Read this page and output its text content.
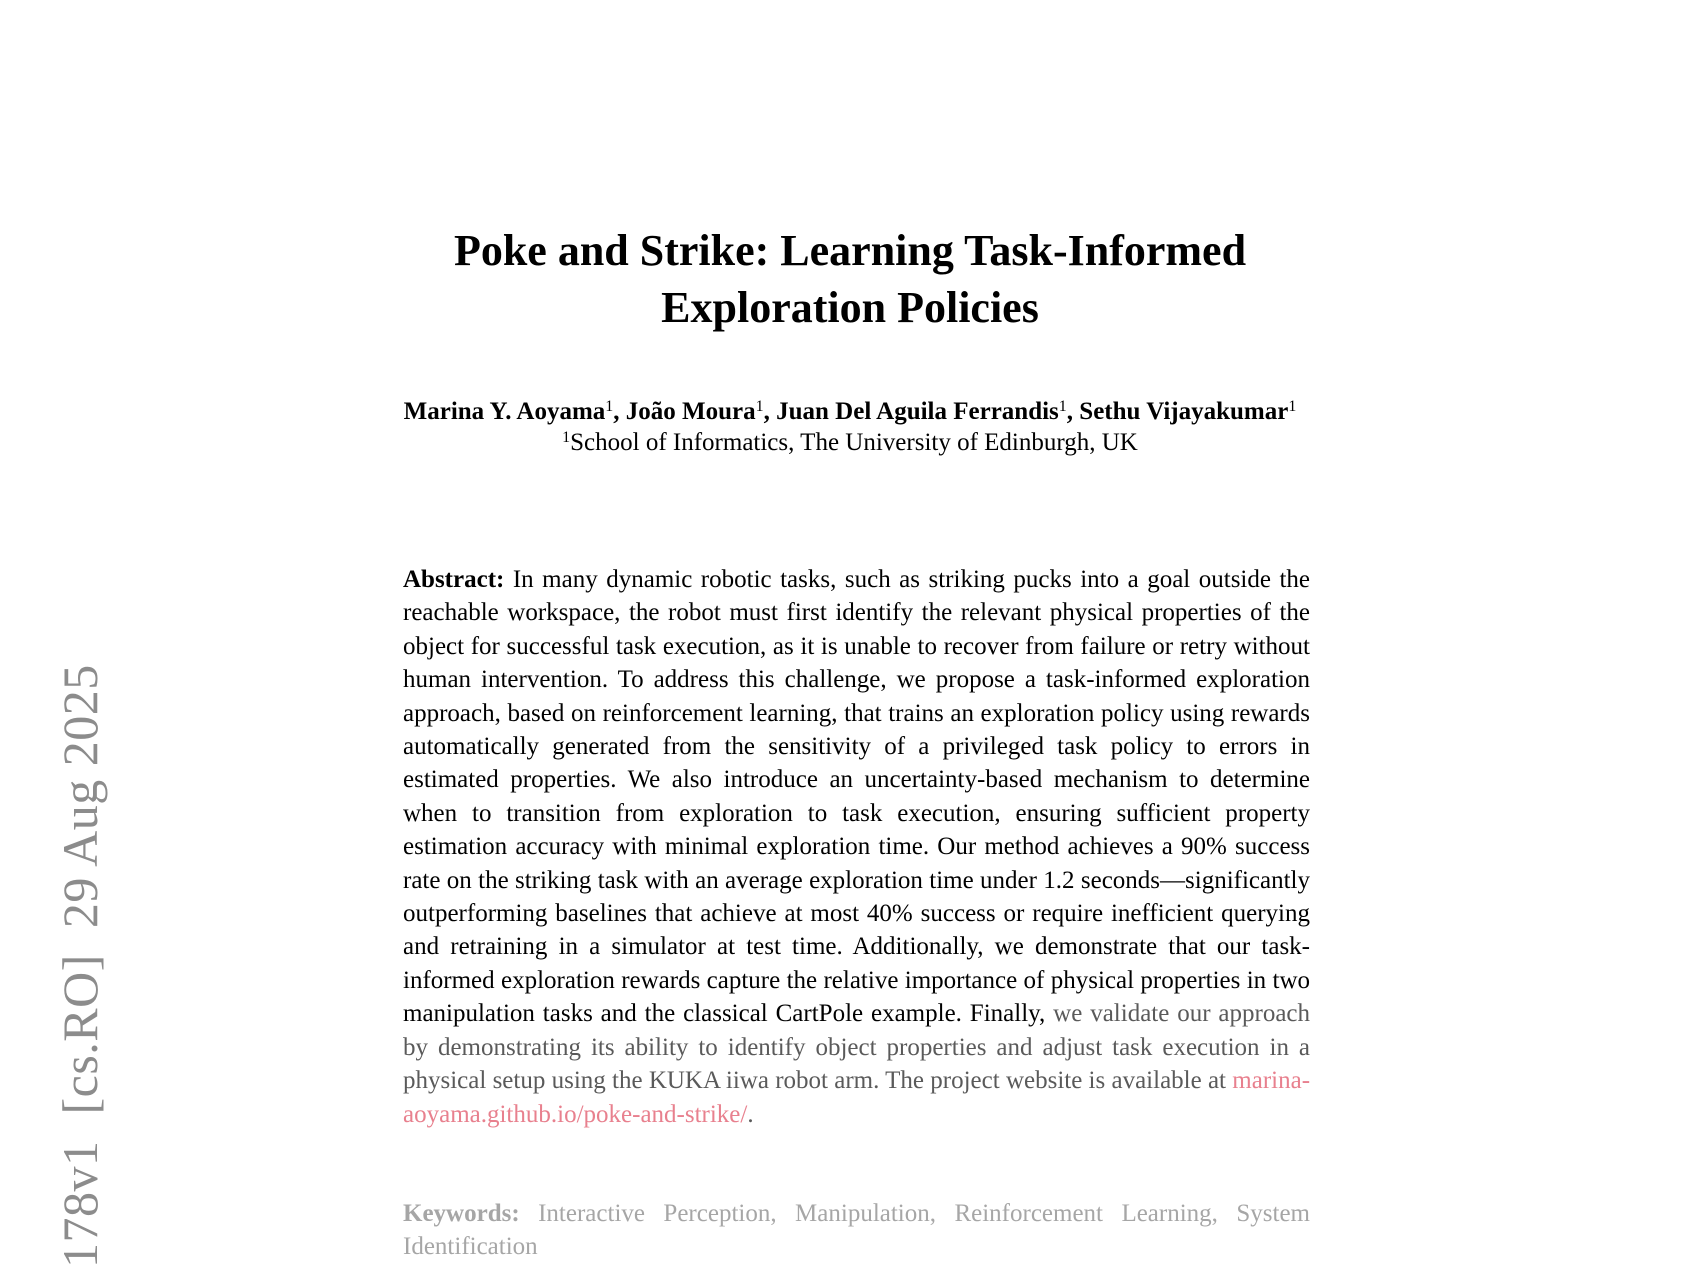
178v1[cs.RO]29 Aug 2025
Poke and Strike: Learning Task-Informed
Exploration Policies
Marina Y. Aoyama$^1$, João Moura$^1$, Juan Del Aguila Ferrandis$^1$, Sethu Vijayakumar$^1$
$^1$School of Informatics, The University of Edinburgh, UK
Abstract: In many dynamic robotic tasks, such as striking pucks into a goal outside the reachable workspace, the robot must first identify the relevant physical properties of the object for successful task execution, as it is unable to recover from failure or retry without human intervention. To address this challenge, we propose a task-informed exploration approach, based on reinforcement learning, that trains an exploration policy using rewards automatically generated from the sensitivity of a privileged task policy to errors in estimated properties. We also introduce an uncertainty-based mechanism to determine when to transition from exploration to task execution, ensuring sufficient property estimation accuracy with minimal exploration time. Our method achieves a 90% success rate on the striking task with an average exploration time under 1.2 seconds—significantly outperforming baselines that achieve at most 40% success or require inefficient querying and retraining in a simulator at test time. Additionally, we demonstrate that our task-informed exploration rewards capture the relative importance of physical properties in two manipulation tasks and the classical CartPole example. Finally, we validate our approach by demonstrating its ability to identify object properties and adjust task execution in a physical setup using the KUKA iiwa robot arm. The project website is available at marina-aoyama.github.io/poke-and-strike/.
Keywords: Interactive Perception, Manipulation, Reinforcement Learning, System Identification
